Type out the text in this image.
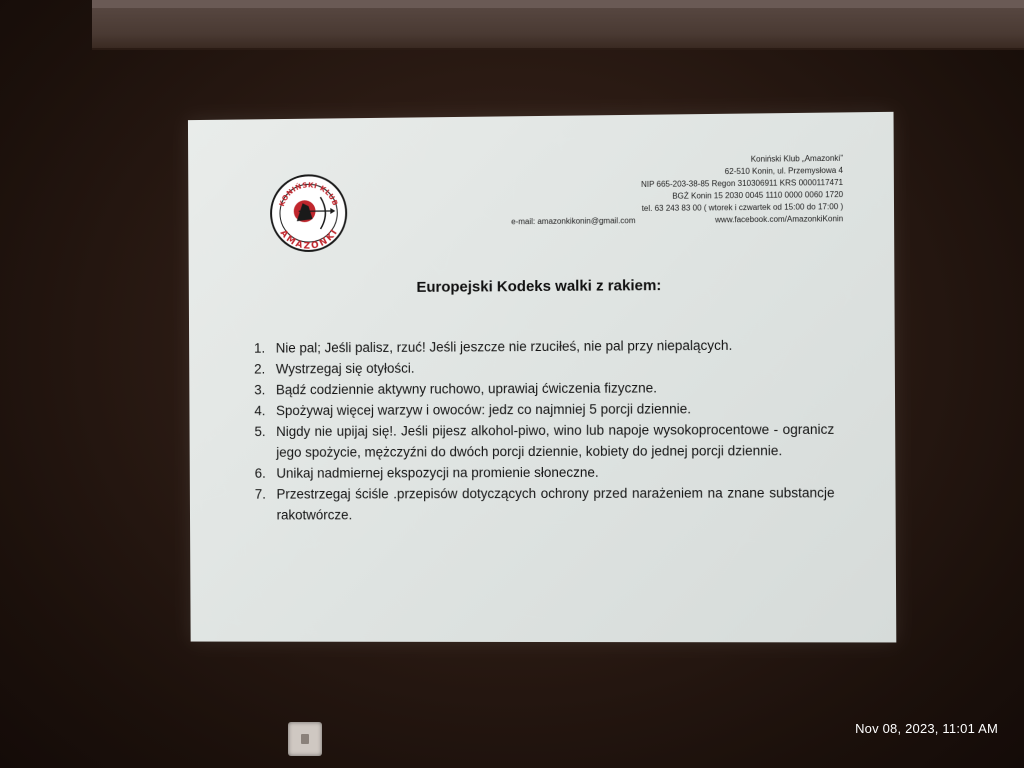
KONIŃSKI KLUB
AMAZONKI
Koniński Klub „Amazonki”
62-510 Konin, ul. Przemysłowa 4
NIP 665-203-38-85 Regon 310306911 KRS 0000117471
BGŻ Konin 15 2030 0045 1110 0000 0060 1720
tel. 63 243 83 00 ( wtorek i czwartek od 15:00 do 17:00 )
e-mail: amazonkikonin@gmail.com	www.facebook.com/AmazonkiKonin
Europejski Kodeks walki z rakiem:
1. Nie pal; Jeśli palisz, rzuć! Jeśli jeszcze nie rzuciłeś, nie pal przy niepalących.
2. Wystrzegaj się otyłości.
3. Bądź codziennie aktywny ruchowo, uprawiaj ćwiczenia fizyczne.
4. Spożywaj więcej warzyw i owoców: jedz co najmniej 5 porcji dziennie.
5. Nigdy nie upijaj się!. Jeśli pijesz alkohol-piwo, wino lub napoje wysokoprocentowe - ogranicz jego spożycie, mężczyźni do dwóch porcji dziennie, kobiety do jednej porcji dziennie.
6. Unikaj nadmiernej ekspozycji na promienie słoneczne.
7. Przestrzegaj ściśle .przepisów dotyczących ochrony przed narażeniem na znane substancje rakotwórcze.
Nov 08, 2023, 11:01 AM
